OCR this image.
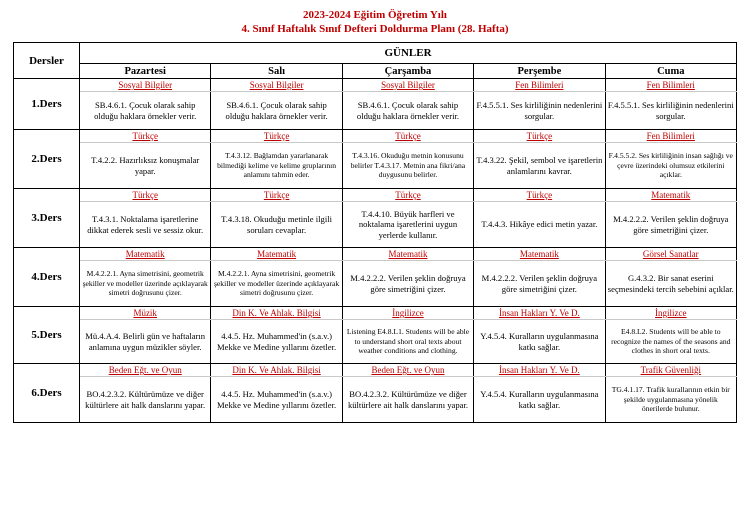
2023-2024 Eğitim Öğretim Yılı
4. Sınıf Haftalık Sınıf Defteri Doldurma Planı (28. Hafta)
Dersler	GÜNLER				
	Pazartesi	Salı	Çarşamba	Perşembe	Cuma
1.Ders	Sosyal Bilgiler	Sosyal Bilgiler	Sosyal Bilgiler	Fen Bilimleri	Fen Bilimleri
	SB.4.6.1. Çocuk olarak sahip olduğu haklara örnekler verir.	SB.4.6.1. Çocuk olarak sahip olduğu haklara örnekler verir.	SB.4.6.1. Çocuk olarak sahip olduğu haklara örnekler verir.	F.4.5.5.1. Ses kirliliğinin nedenlerini sorgular.	F.4.5.5.1. Ses kirliliğinin nedenlerini sorgular.
2.Ders	Türkçe	Türkçe	Türkçe	Türkçe	Fen Bilimleri
	T.4.2.2. Hazırlıksız konuşmalar yapar.	T.4.3.12. Bağlamdan yararlanarak bilmediği kelime ve kelime gruplarının anlamını tahmin eder.	T.4.3.16. Okuduğu metnin konusunu belirler T.4.3.17. Metnin ana fikri/ana duygusunu belirler.	T.4.3.22. Şekil, sembol ve işaretlerin anlamlarını kavrar.	F.4.5.5.2. Ses kirliliğinin insan sağlığı ve çevre üzerindeki olumsuz etkilerini açıklar.
3.Ders	Türkçe	Türkçe	Türkçe	Türkçe	Matematik
	T.4.3.1. Noktalama işaretlerine dikkat ederek sesli ve sessiz okur.	T.4.3.18. Okuduğu metinle ilgili soruları cevaplar.	T.4.4.10. Büyük harfleri ve noktalama işaretlerini uygun yerlerde kullanır.	T.4.4.3. Hikâye edici metin yazar.	M.4.2.2.2. Verilen şeklin doğruya göre simetriğini çizer.
4.Ders	Matematik	Matematik	Matematik	Matematik	Görsel Sanatlar
	M.4.2.2.1. Ayna simetrisini, geometrik şekiller ve modeller üzerinde açıklayarak simetri doğrusunu çizer.	M.4.2.2.1. Ayna simetrisini, geometrik şekiller ve modeller üzerinde açıklayarak simetri doğrusunu çizer.	M.4.2.2.2. Verilen şeklin doğruya göre simetriğini çizer.	M.4.2.2.2. Verilen şeklin doğruya göre simetriğini çizer.	G.4.3.2. Bir sanat eserini seçmesindeki tercih sebebini açıklar.
5.Ders	Müzik	Din K. Ve Ahlak. Bilgisi	İngilizce	İnsan Hakları Y. Ve D.	İngilizce
	Mü.4.A.4. Belirli gün ve haftaların anlamına uygun müzikler söyler.	4.4.5. Hz. Muhammed'in (s.a.v.) Mekke ve Medine yıllarını özetler.	Listening E4.8.L1. Students will be able to understand short oral texts about weather conditions and clothing.	Y.4.5.4. Kuralların uygulanmasına katkı sağlar.	E4.8.L2. Students will be able to recognize the names of the seasons and clothes in short oral texts.
6.Ders	Beden Eğt. ve Oyun	Din K. Ve Ahlak. Bilgisi	Beden Eğt. ve Oyun	İnsan Hakları Y. Ve D.	Trafik Güvenliği
	BO.4.2.3.2. Kültürümüze ve diğer kültürlere ait halk danslarını yapar.	4.4.5. Hz. Muhammed'in (s.a.v.) Mekke ve Medine yıllarını özetler.	BO.4.2.3.2. Kültürümüze ve diğer kültürlere ait halk danslarını yapar.	Y.4.5.4. Kuralların uygulanmasına katkı sağlar.	TG.4.1.17. Trafik kurallarının etkin bir şekilde uygulanmasına yönelik önerilerde bulunur.
